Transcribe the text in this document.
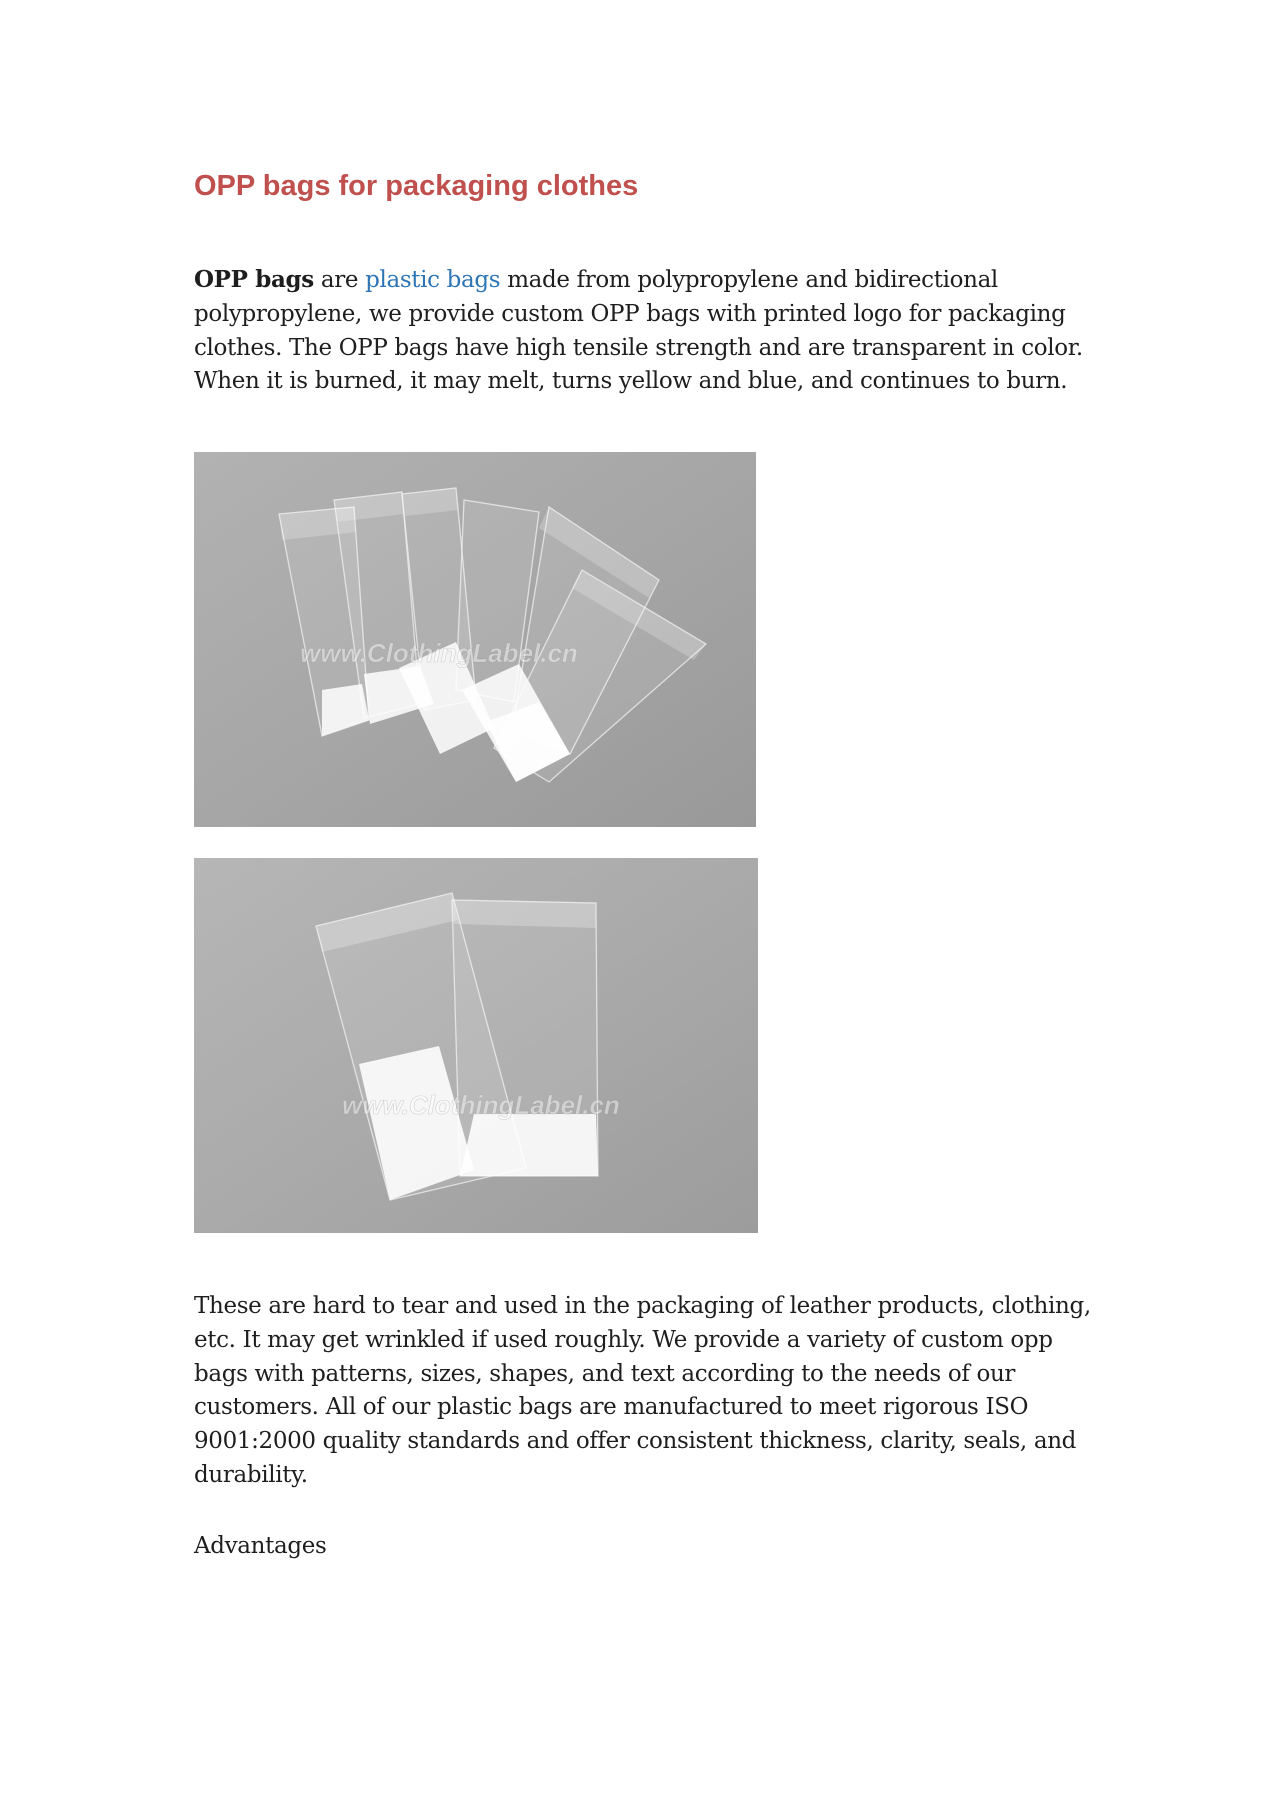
OPP bags for packaging clothes

OPP bags are plastic bags made from polypropylene and bidirectional
polypropylene, we provide custom OPP bags with printed logo for packaging
clothes. The OPP bags have high tensile strength and are transparent in color.
When it is burned, it may melt, turns yellow and blue, and continues to burn.

www.ClothingLabel.cn
www.ClothingLabel.cn

These are hard to tear and used in the packaging of leather products, clothing,
etc. It may get wrinkled if used roughly. We provide a variety of custom opp
bags with patterns, sizes, shapes, and text according to the needs of our
customers. All of our plastic bags are manufactured to meet rigorous ISO
9001:2000 quality standards and offer consistent thickness, clarity, seals, and
durability.

Advantages
